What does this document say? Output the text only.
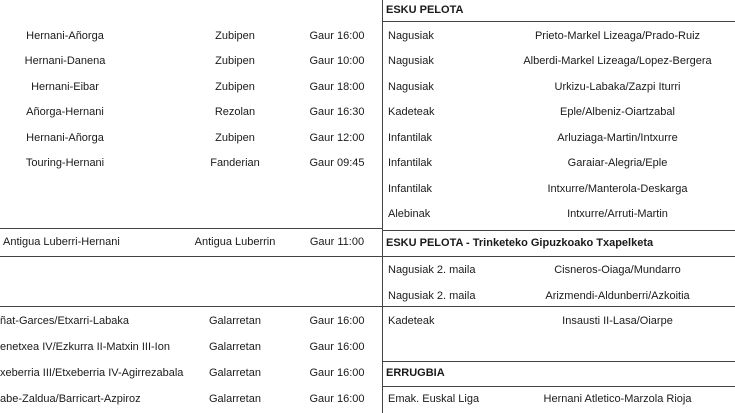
Hernani-Añorga	Zubipen	Gaur 16:00
Hernani-Danena	Zubipen	Gaur 10:00
Hernani-Eibar	Zubipen	Gaur 18:00
Añorga-Hernani	Rezolan	Gaur 16:30
Hernani-Añorga	Zubipen	Gaur 12:00
Touring-Hernani	Fanderian	Gaur 09:45
Antigua Luberri-Hernani	Antigua Luberrin	Gaur 11:00
ñat-Garces/Etxarri-Labaka	Galarretan	Gaur 16:00
enetxea IV/Ezkurra II-Matxin III-Ion	Galarretan	Gaur 16:00
xeberria III/Etxeberria IV-Agirrezabala	Galarretan	Gaur 16:00
abe-Zaldua/Barricart-Azpiroz	Galarretan	Gaur 16:00
ESKU PELOTA
Nagusiak	Prieto-Markel Lizeaga/Prado-Ruiz
Nagusiak	Alberdi-Markel Lizeaga/Lopez-Bergera
Nagusiak	Urkizu-Labaka/Zazpi Iturri
Kadeteak	Eple/Albeniz-Oiartzabal
Infantilak	Arluziaga-Martin/Intxurre
Infantilak	Garaiar-Alegria/Eple
Infantilak	Intxurre/Manterola-Deskarga
Alebinak	Intxurre/Arruti-Martin
ESKU PELOTA - Trinketeko Gipuzkoako Txapelketa
Nagusiak 2. maila	Cisneros-Oiaga/Mundarro
Nagusiak 2. maila	Arizmendi-Aldunberri/Azkoitia
Kadeteak	Insausti II-Lasa/Oiarpe
ERRUGBIA
Emak. Euskal Liga	Hernani Atletico-Marzola Rioja
